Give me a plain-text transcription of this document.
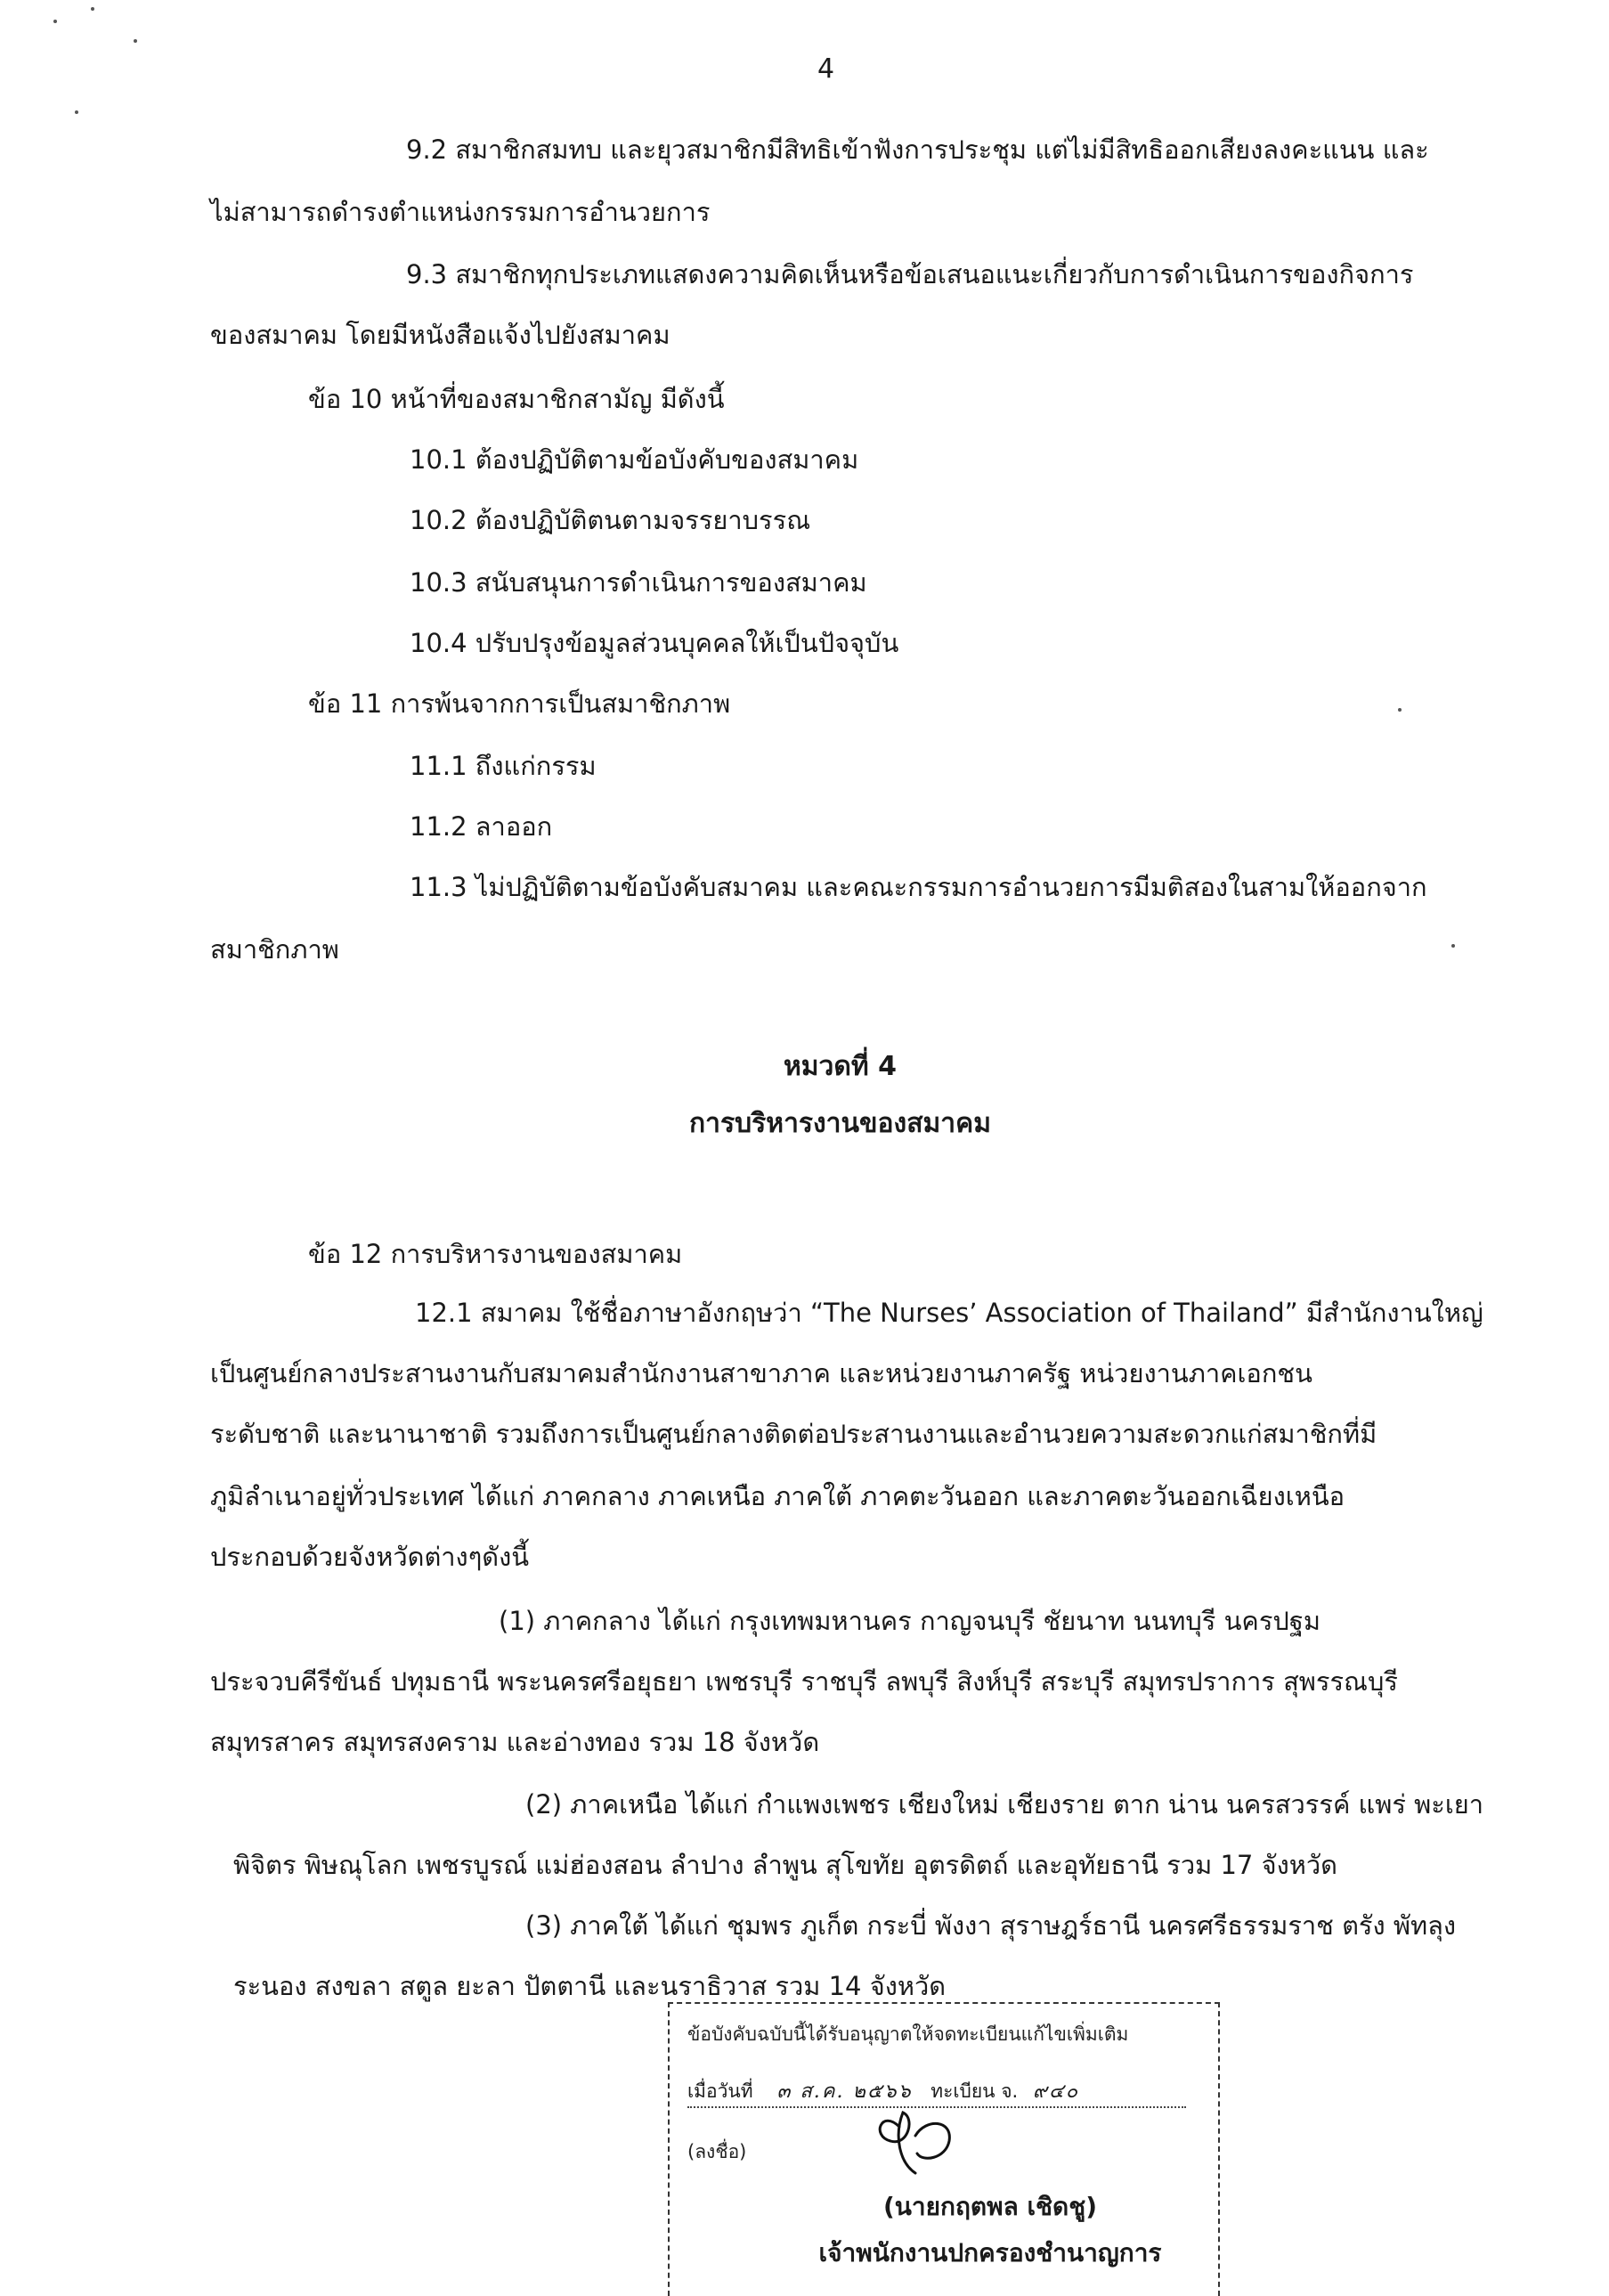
4
9.2 สมาชิกสมทบ และยุวสมาชิกมีสิทธิเข้าฟังการประชุม แต่ไม่มีสิทธิออกเสียงลงคะแนน และ
ไม่สามารถดำรงตำแหน่งกรรมการอำนวยการ
9.3 สมาชิกทุกประเภทแสดงความคิดเห็นหรือข้อเสนอแนะเกี่ยวกับการดำเนินการของกิจการ
ของสมาคม โดยมีหนังสือแจ้งไปยังสมาคม
ข้อ 10 หน้าที่ของสมาชิกสามัญ มีดังนี้
10.1 ต้องปฏิบัติตามข้อบังคับของสมาคม
10.2 ต้องปฏิบัติตนตามจรรยาบรรณ
10.3 สนับสนุนการดำเนินการของสมาคม
10.4 ปรับปรุงข้อมูลส่วนบุคคลให้เป็นปัจจุบัน
ข้อ 11 การพ้นจากการเป็นสมาชิกภาพ
11.1 ถึงแก่กรรม
11.2 ลาออก
11.3 ไม่ปฏิบัติตามข้อบังคับสมาคม และคณะกรรมการอำนวยการมีมติสองในสามให้ออกจาก
สมาชิกภาพ
หมวดที่ 4
การบริหารงานของสมาคม
ข้อ 12 การบริหารงานของสมาคม
12.1 สมาคม ใช้ชื่อภาษาอังกฤษว่า “The Nurses’ Association of Thailand” มีสำนักงานใหญ่
เป็นศูนย์กลางประสานงานกับสมาคมสำนักงานสาขาภาค และหน่วยงานภาครัฐ หน่วยงานภาคเอกชน
ระดับชาติ และนานาชาติ รวมถึงการเป็นศูนย์กลางติดต่อประสานงานและอำนวยความสะดวกแก่สมาชิกที่มี
ภูมิลำเนาอยู่ทั่วประเทศ ได้แก่ ภาคกลาง ภาคเหนือ ภาคใต้ ภาคตะวันออก และภาคตะวันออกเฉียงเหนือ
ประกอบด้วยจังหวัดต่างๆดังนี้
(1) ภาคกลาง ได้แก่ กรุงเทพมหานคร กาญจนบุรี ชัยนาท นนทบุรี นครปฐม
ประจวบคีรีขันธ์ ปทุมธานี พระนครศรีอยุธยา เพชรบุรี ราชบุรี ลพบุรี สิงห์บุรี สระบุรี สมุทรปราการ สุพรรณบุรี
สมุทรสาคร สมุทรสงคราม และอ่างทอง รวม 18 จังหวัด
(2) ภาคเหนือ ได้แก่ กำแพงเพชร เชียงใหม่ เชียงราย ตาก น่าน นครสวรรค์ แพร่ พะเยา
พิจิตร พิษณุโลก เพชรบูรณ์ แม่ฮ่องสอน ลำปาง ลำพูน สุโขทัย อุตรดิตถ์ และอุทัยธานี รวม 17 จังหวัด
(3) ภาคใต้ ได้แก่ ชุมพร ภูเก็ต กระบี่ พังงา สุราษฎร์ธานี นครศรีธรรมราช ตรัง พัทลุง
ระนอง สงขลา สตูล ยะลา ปัตตานี และนราธิวาส รวม 14 จังหวัด
ข้อบังคับฉบับนี้ได้รับอนุญาตให้จดทะเบียนแก้ไขเพิ่มเติม
เมื่อวันที่ ๓ ส.ค. ๒๕๖๖ ทะเบียน จ. ๙๔๐
(ลงชื่อ)
(นายกฤตพล เชิดชู)
เจ้าพนักงานปกครองชำนาญการ
